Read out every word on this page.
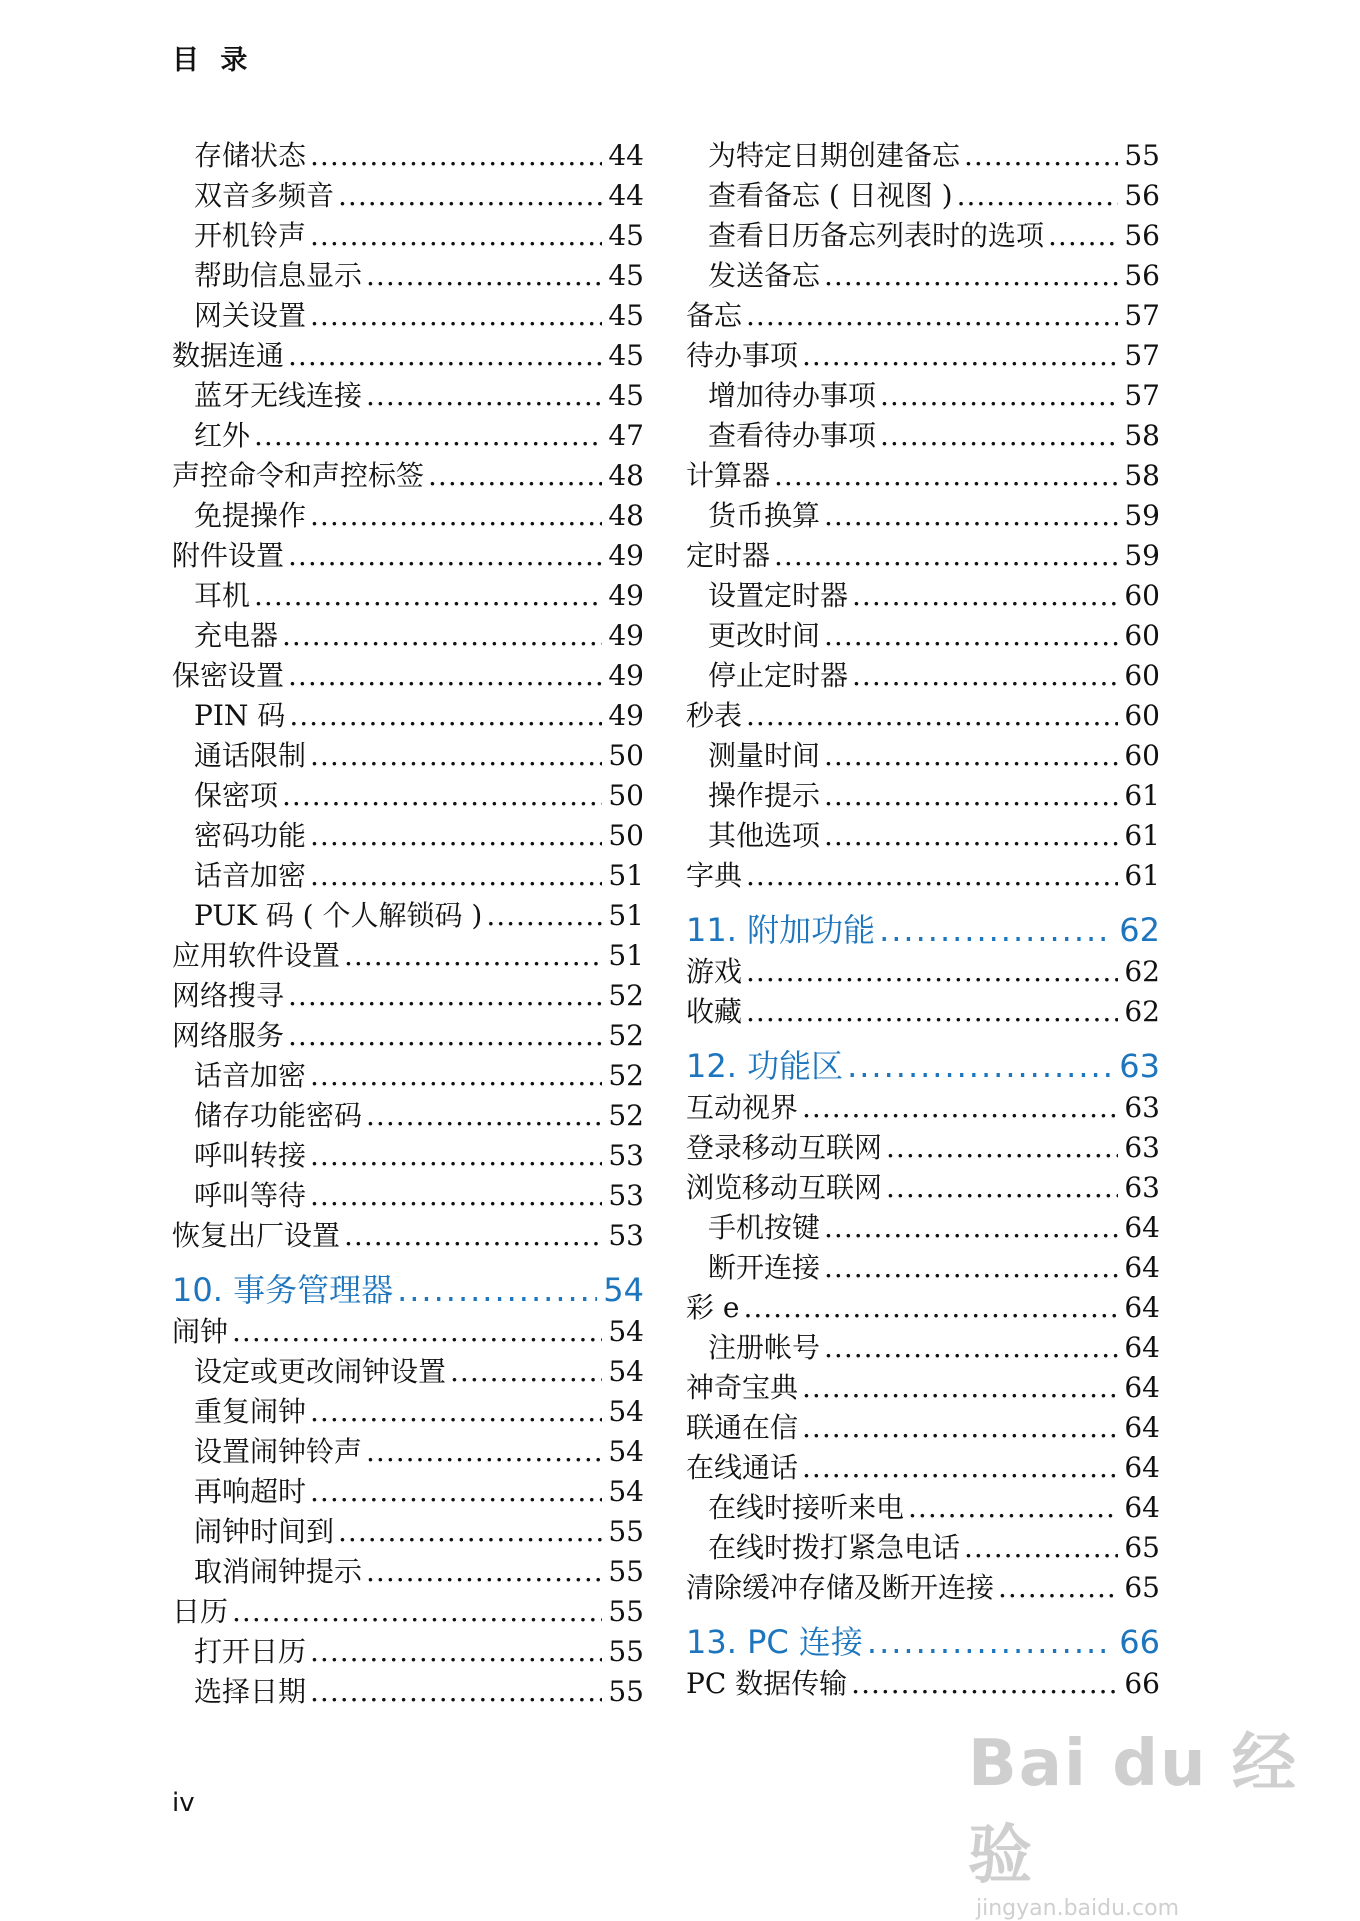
目 录
存储状态 .....	44
双音多频音 .....	44
开机铃声 .....	45
帮助信息显示 .....	45
网关设置 .....	45
数据连通 .....	45
蓝牙无线连接 .....	45
红外 .....	47
声控命令和声控标签 .....	48
免提操作 .....	48
附件设置 .....	49
耳机 .....	49
充电器 .....	49
保密设置 .....	49
PIN 码 .....	49
通话限制 .....	50
保密项 .....	50
密码功能 .....	50
话音加密 .....	51
PUK 码 ( 个人解锁码 ) .....	51
应用软件设置 .....	51
网络搜寻 .....	52
网络服务 .....	52
话音加密 .....	52
储存功能密码 .....	52
呼叫转接 .....	53
呼叫等待 .....	53
恢复出厂设置 .....	53
10. 事务管理器 .....	54
闹钟 .....	54
设定或更改闹钟设置 .....	54
重复闹钟 .....	54
设置闹钟铃声 .....	54
再响超时 .....	54
闹钟时间到 .....	55
取消闹钟提示 .....	55
日历 .....	55
打开日历 .....	55
选择日期 .....	55
为特定日期创建备忘 .....	55
查看备忘 ( 日视图 ) .....	56
查看日历备忘列表时的选项 .....	56
发送备忘 .....	56
备忘 .....	57
待办事项 .....	57
增加待办事项 .....	57
查看待办事项 .....	58
计算器 .....	58
货币换算 .....	59
定时器 .....	59
设置定时器 .....	60
更改时间 .....	60
停止定时器 .....	60
秒表 .....	60
测量时间 .....	60
操作提示 .....	61
其他选项 .....	61
字典 .....	61
11. 附加功能 .....	62
游戏 .....	62
收藏 .....	62
12. 功能区 .....	63
互动视界 .....	63
登录移动互联网 .....	63
浏览移动互联网 .....	63
手机按键 .....	64
断开连接 .....	64
彩 e .....	64
注册帐号 .....	64
神奇宝典 .....	64
联通在信 .....	64
在线通话 .....	64
在线时接听来电 .....	64
在线时拨打紧急电话 .....	65
清除缓冲存储及断开连接 .....	65
13. PC 连接 .....	66
PC 数据传输 .....	66
iv
Bai du 经验
jingyan.baidu.com
